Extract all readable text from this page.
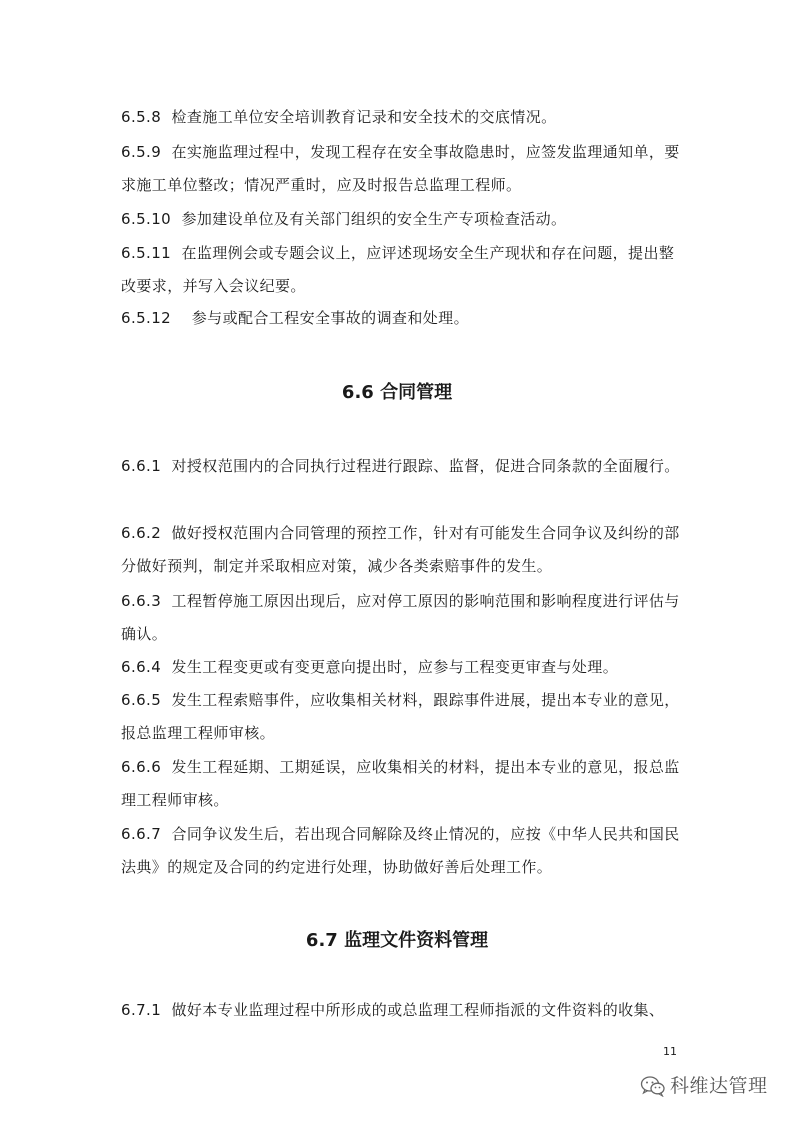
6.5.8  检查施工单位安全培训教育记录和安全技术的交底情况。

6.5.9  在实施监理过程中，发现工程存在安全事故隐患时，应签发监理通知单，要求施工单位整改；情况严重时，应及时报告总监理工程师。

6.5.10  参加建设单位及有关部门组织的安全生产专项检查活动。

6.5.11  在监理例会或专题会议上，应评述现场安全生产现状和存在问题，提出整改要求，并写入会议纪要。

6.5.12    参与或配合工程安全事故的调查和处理。

6.6 合同管理

6.6.1  对授权范围内的合同执行过程进行跟踪、监督，促进合同条款的全面履行。

6.6.2  做好授权范围内合同管理的预控工作，针对有可能发生合同争议及纠纷的部分做好预判，制定并采取相应对策，减少各类索赔事件的发生。

6.6.3  工程暂停施工原因出现后，应对停工原因的影响范围和影响程度进行评估与确认。

6.6.4  发生工程变更或有变更意向提出时，应参与工程变更审查与处理。

6.6.5  发生工程索赔事件，应收集相关材料，跟踪事件进展，提出本专业的意见，报总监理工程师审核。

6.6.6  发生工程延期、工期延误，应收集相关的材料，提出本专业的意见，报总监理工程师审核。

6.6.7  合同争议发生后，若出现合同解除及终止情况的，应按《中华人民共和国民法典》的规定及合同的约定进行处理，协助做好善后处理工作。

6.7 监理文件资料管理

6.7.1  做好本专业监理过程中所形成的或总监理工程师指派的文件资料的收集、

11
科维达管理
